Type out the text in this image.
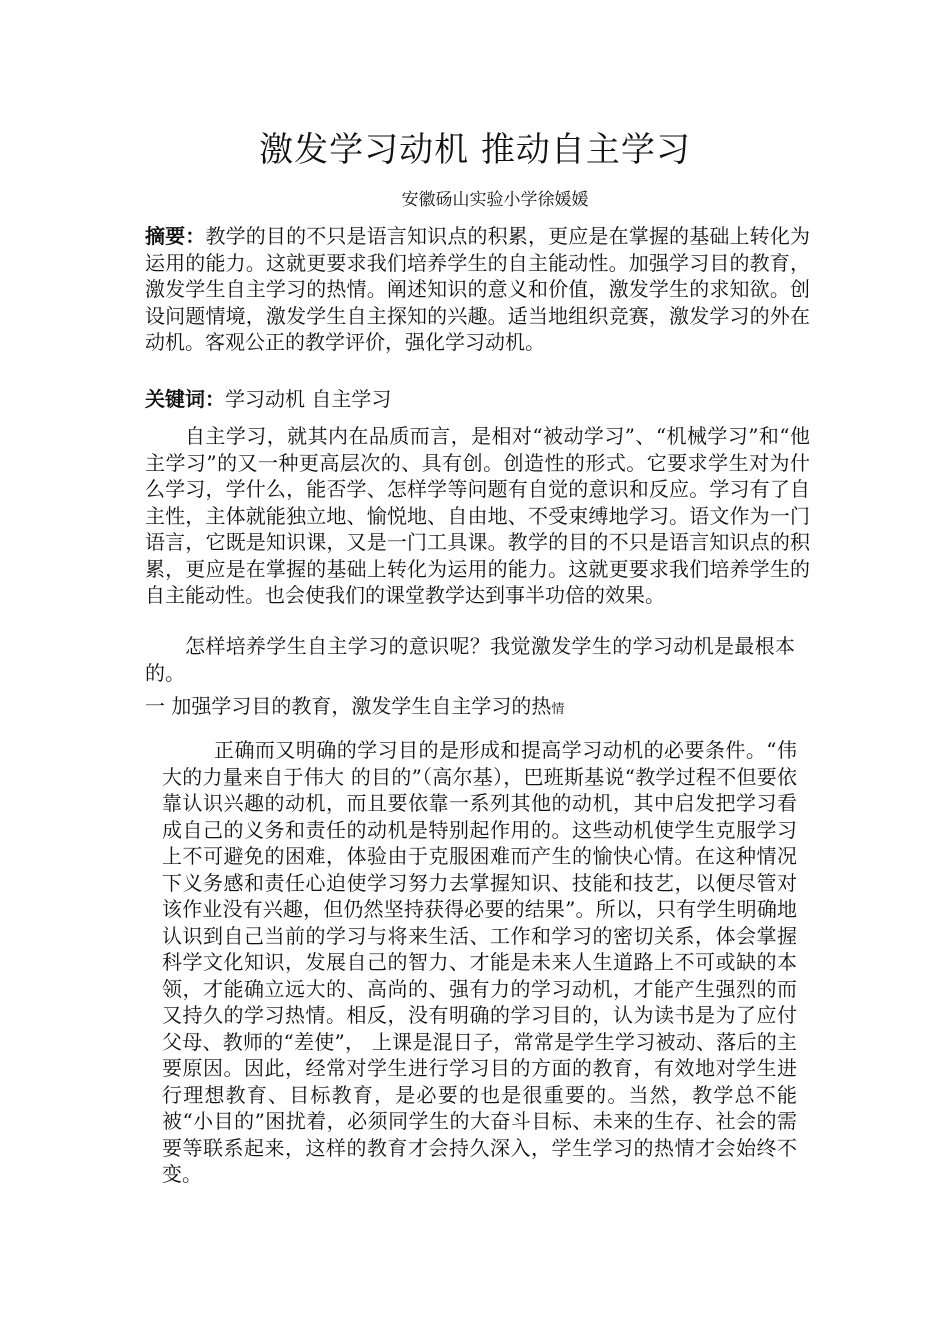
激发学习动机 推动自主学习
安徽砀山实验小学徐媛媛

摘要：教学的目的不只是语言知识点的积累，更应是在掌握的基础上转化为运用的能力。这就更要求我们培养学生的自主能动性。加强学习目的教育，激发学生自主学习的热情。阐述知识的意义和价值，激发学生的求知欲。创设问题情境，激发学生自主探知的兴趣。适当地组织竞赛，激发学习的外在动机。客观公正的教学评价，强化学习动机。

关键词：学习动机 自主学习

自主学习，就其内在品质而言，是相对“被动学习”、“机械学习”和“他主学习”的又一种更高层次的、具有创。创造性的形式。它要求学生对为什么学习，学什么，能否学、怎样学等问题有自觉的意识和反应。学习有了自主性，主体就能独立地、愉悦地、自由地、不受束缚地学习。语文作为一门语言，它既是知识课，又是一门工具课。教学的目的不只是语言知识点的积累，更应是在掌握的基础上转化为运用的能力。这就更要求我们培养学生的自主能动性。也会使我们的课堂教学达到事半功倍的效果。

怎样培养学生自主学习的意识呢？我觉激发学生的学习动机是最根本的。

一 加强学习目的教育，激发学生自主学习的热情

正确而又明确的学习目的是形成和提高学习动机的必要条件。“伟大的力量来自于伟大 的目的”（高尔基），巴班斯基说“教学过程不但要依靠认识兴趣的动机，而且要依靠一系列其他的动机，其中启发把学习看成自己的义务和责任的动机是特别起作用的。这些动机使学生克服学习上不可避免的困难，体验由于克服困难而产生的愉快心情。在这种情况下义务感和责任心迫使学习努力去掌握知识、技能和技艺，以便尽管对该作业没有兴趣，但仍然坚持获得必要的结果”。所以，只有学生明确地认识到自己当前的学习与将来生活、工作和学习的密切关系，体会掌握科学文化知识，发展自己的智力、才能是未来人生道路上不可或缺的本领，才能确立远大的、高尚的、强有力的学习动机，才能产生强烈的而又持久的学习热情。相反，没有明确的学习目的，认为读书是为了应付父母、教师的“差使”， 上课是混日子，常常是学生学习被动、落后的主要原因。因此，经常对学生进行学习目的方面的教育，有效地对学生进行理想教育、目标教育，是必要的也是很重要的。当然，教学总不能被“小目的”困扰着，必须同学生的大奋斗目标、未来的生存、社会的需要等联系起来，这样的教育才会持久深入，学生学习的热情才会始终不变。
